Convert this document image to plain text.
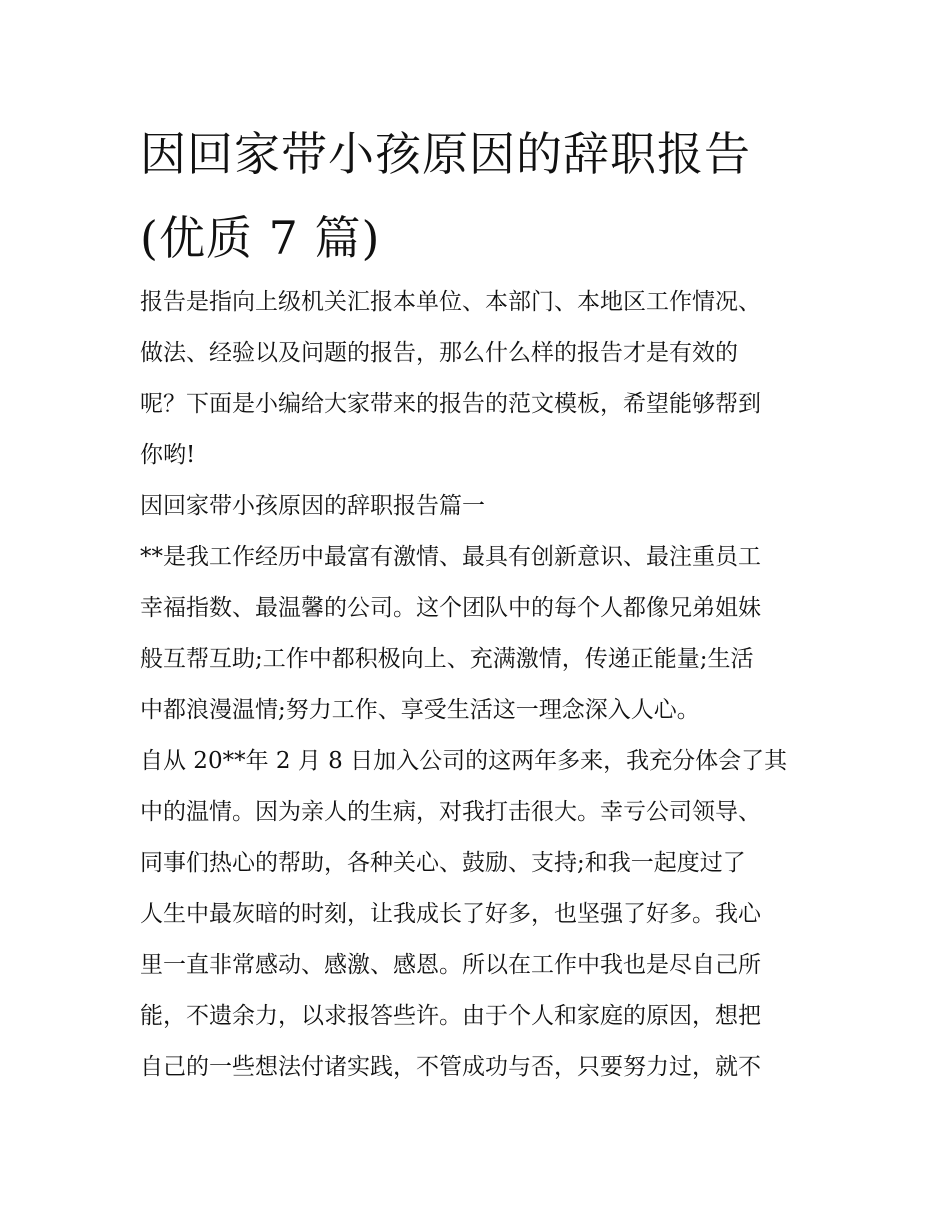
因回家带小孩原因的辞职报告
(优质 7 篇)
报告是指向上级机关汇报本单位、本部门、本地区工作情况、
做法、经验以及问题的报告，那么什么样的报告才是有效的
呢？下面是小编给大家带来的报告的范文模板，希望能够帮到
你哟!
因回家带小孩原因的辞职报告篇一
**是我工作经历中最富有激情、最具有创新意识、最注重员工
幸福指数、最温馨的公司。这个团队中的每个人都像兄弟姐妹
般互帮互助;工作中都积极向上、充满激情，传递正能量;生活
中都浪漫温情;努力工作、享受生活这一理念深入人心。
自从 20**年 2 月 8 日加入公司的这两年多来，我充分体会了其
中的温情。因为亲人的生病，对我打击很大。幸亏公司领导、
同事们热心的帮助，各种关心、鼓励、支持;和我一起度过了
人生中最灰暗的时刻，让我成长了好多，也坚强了好多。我心
里一直非常感动、感激、感恩。所以在工作中我也是尽自己所
能，不遗余力，以求报答些许。由于个人和家庭的原因，想把
自己的一些想法付诸实践，不管成功与否，只要努力过，就不
